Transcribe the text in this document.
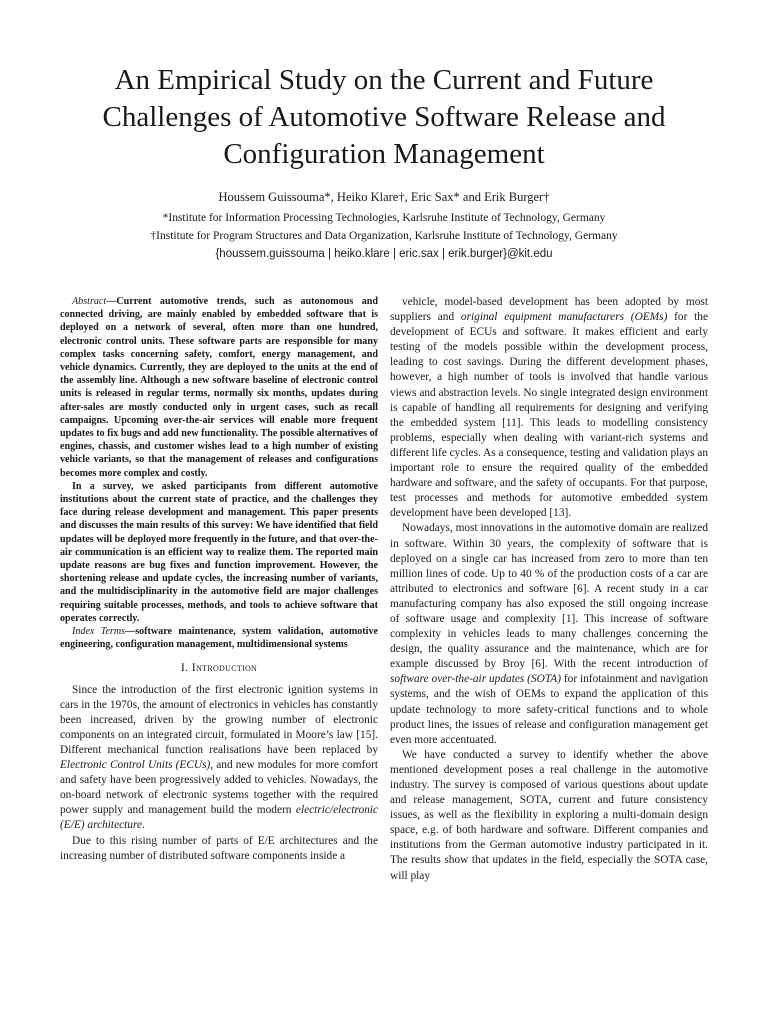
An Empirical Study on the Current and Future Challenges of Automotive Software Release and Configuration Management
Houssem Guissouma*, Heiko Klare†, Eric Sax* and Erik Burger†
*Institute for Information Processing Technologies, Karlsruhe Institute of Technology, Germany
†Institute for Program Structures and Data Organization, Karlsruhe Institute of Technology, Germany
{houssem.guissouma | heiko.klare | eric.sax | erik.burger}@kit.edu

Abstract—Current automotive trends, such as autonomous and connected driving, are mainly enabled by embedded software that is deployed on a network of several, often more than one hundred, electronic control units. These software parts are responsible for many complex tasks concerning safety, comfort, energy management, and vehicle dynamics. Currently, they are deployed to the units at the end of the assembly line. Although a new software baseline of electronic control units is released in regular terms, normally six months, updates during after-sales are mostly conducted only in urgent cases, such as recall campaigns. Upcoming over-the-air services will enable more frequent updates to fix bugs and add new functionality. The possible alternatives of engines, chassis, and customer wishes lead to a high number of existing vehicle variants, so that the management of releases and configurations becomes more complex and costly.

In a survey, we asked participants from different automotive institutions about the current state of practice, and the challenges they face during release development and management. This paper presents and discusses the main results of this survey: We have identified that field updates will be deployed more frequently in the future, and that over-the-air communication is an efficient way to realize them. The reported main update reasons are bug fixes and function improvement. However, the shortening release and update cycles, the increasing number of variants, and the multidisciplinarity in the automotive field are major challenges requiring suitable processes, methods, and tools to achieve software that operates correctly.

Index Terms—software maintenance, system validation, automotive engineering, configuration management, multidimensional systems

I. Introduction

Since the introduction of the first electronic ignition systems in cars in the 1970s, the amount of electronics in vehicles has constantly been increased, driven by the growing number of electronic components on an integrated circuit, formulated in Moore’s law [15]. Different mechanical function realisations have been replaced by Electronic Control Units (ECUs), and new modules for more comfort and safety have been progressively added to vehicles. Nowadays, the on-board network of electronic systems together with the required power supply and management build the modern electric/electronic (E/E) architecture.

Due to this rising number of parts of E/E architectures and the increasing number of distributed software components inside a

vehicle, model-based development has been adopted by most suppliers and original equipment manufacturers (OEMs) for the development of ECUs and software. It makes efficient and early testing of the models possible within the development process, leading to cost savings. During the different development phases, however, a high number of tools is involved that handle various views and abstraction levels. No single integrated design environment is capable of handling all requirements for designing and verifying the embedded system [11]. This leads to modelling consistency problems, especially when dealing with variant-rich systems and different life cycles. As a consequence, testing and validation plays an important role to ensure the required quality of the embedded hardware and software, and the safety of occupants. For that purpose, test processes and methods for automotive embedded system development have been developed [13].

Nowadays, most innovations in the automotive domain are realized in software. Within 30 years, the complexity of software that is deployed on a single car has increased from zero to more than ten million lines of code. Up to 40 % of the production costs of a car are attributed to electronics and software [6]. A recent study in a car manufacturing company has also exposed the still ongoing increase of software usage and complexity [1]. This increase of software complexity in vehicles leads to many challenges concerning the design, the quality assurance and the maintenance, which are for example discussed by Broy [6]. With the recent introduction of software over-the-air updates (SOTA) for infotainment and navigation systems, and the wish of OEMs to expand the application of this update technology to more safety-critical functions and to whole product lines, the issues of release and configuration management get even more accentuated.

We have conducted a survey to identify whether the above mentioned development poses a real challenge in the automotive industry. The survey is composed of various questions about update and release management, SOTA, current and future consistency issues, as well as the flexibility in exploring a multi-domain design space, e.g. of both hardware and software. Different companies and institutions from the German automotive industry participated in it. The results show that updates in the field, especially the SOTA case, will play
